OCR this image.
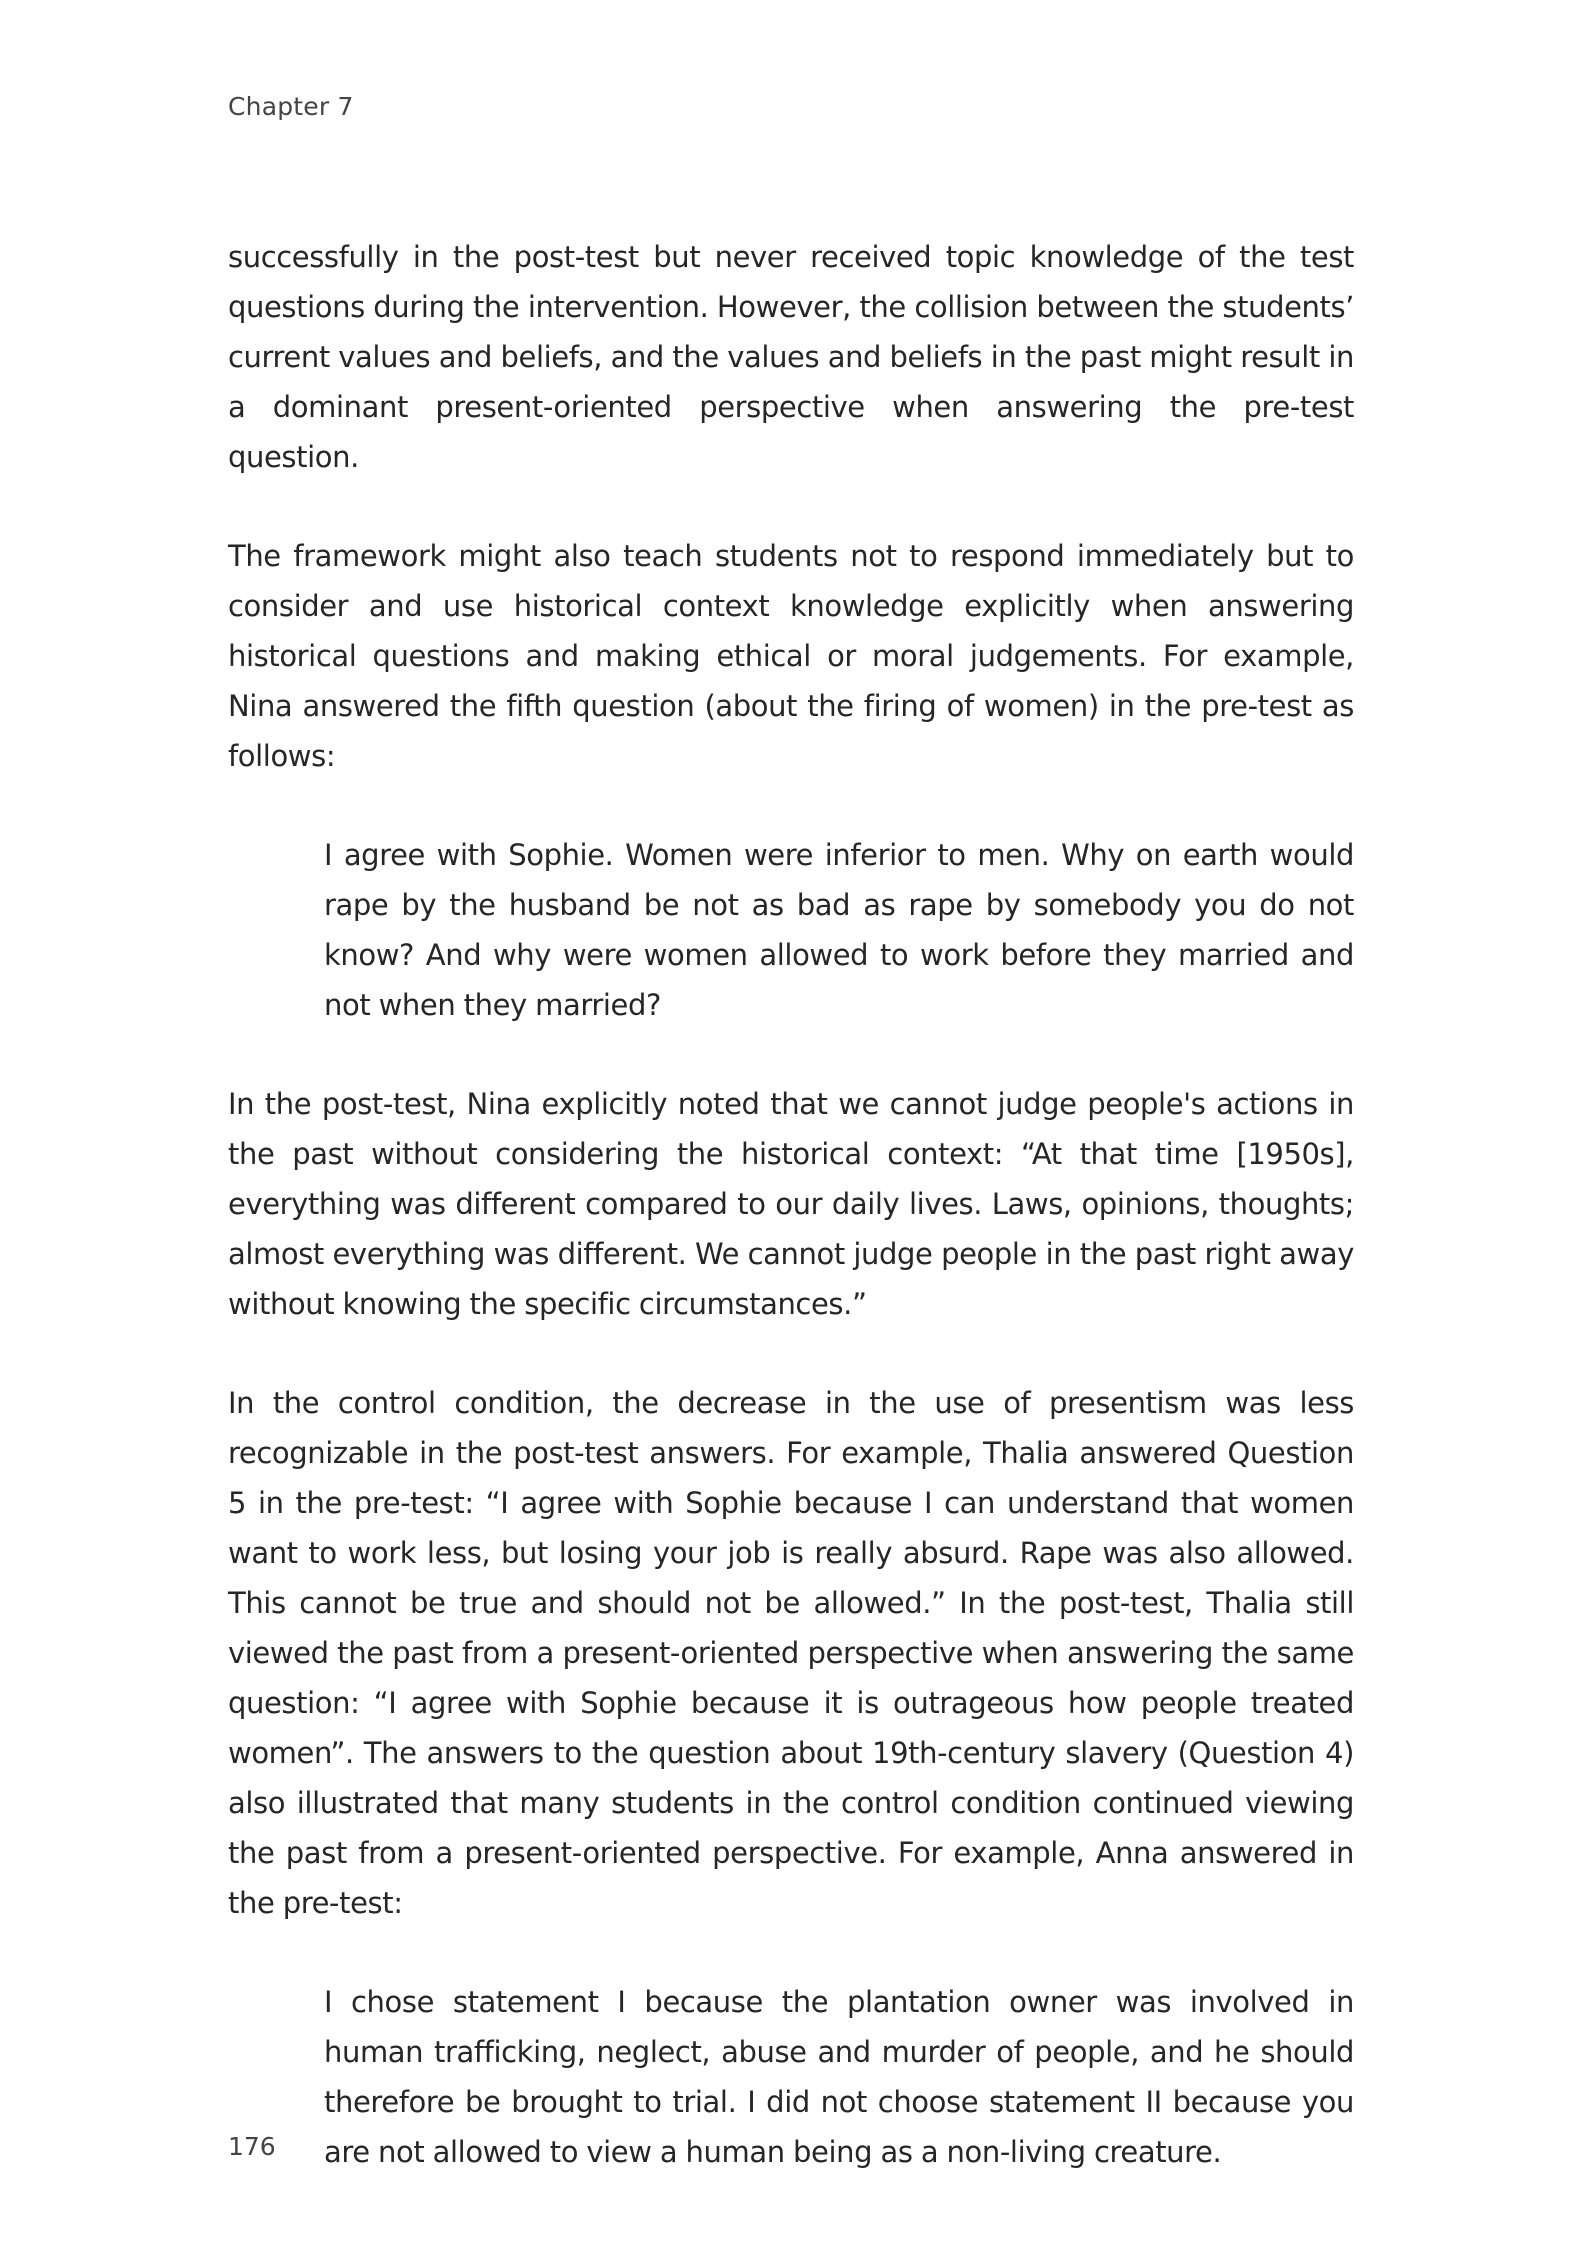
Chapter 7

successfully in the post-test but never received topic knowledge of the test questions during the intervention. However, the collision between the students’ current values and beliefs, and the values and beliefs in the past might result in a dominant present-oriented perspective when answering the pre-test question.

The framework might also teach students not to respond immediately but to consider and use historical context knowledge explicitly when answering historical questions and making ethical or moral judgements. For example, Nina answered the fifth question (about the firing of women) in the pre-test as follows:

I agree with Sophie. Women were inferior to men. Why on earth would rape by the husband be not as bad as rape by somebody you do not know? And why were women allowed to work before they married and not when they married?

In the post-test, Nina explicitly noted that we cannot judge people's actions in the past without considering the historical context: “At that time [1950s], everything was different compared to our daily lives. Laws, opinions, thoughts; almost everything was different. We cannot judge people in the past right away without knowing the specific circumstances.”

In the control condition, the decrease in the use of presentism was less recognizable in the post-test answers. For example, Thalia answered Question 5 in the pre-test: “I agree with Sophie because I can understand that women want to work less, but losing your job is really absurd. Rape was also allowed. This cannot be true and should not be allowed.” In the post-test, Thalia still viewed the past from a present-oriented perspective when answering the same question: “I agree with Sophie because it is outrageous how people treated women”. The answers to the question about 19th-century slavery (Question 4) also illustrated that many students in the control condition continued viewing the past from a present-oriented perspective. For example, Anna answered in the pre-test:

I chose statement I because the plantation owner was involved in human trafficking, neglect, abuse and murder of people, and he should therefore be brought to trial. I did not choose statement II because you are not allowed to view a human being as a non-living creature.

176
